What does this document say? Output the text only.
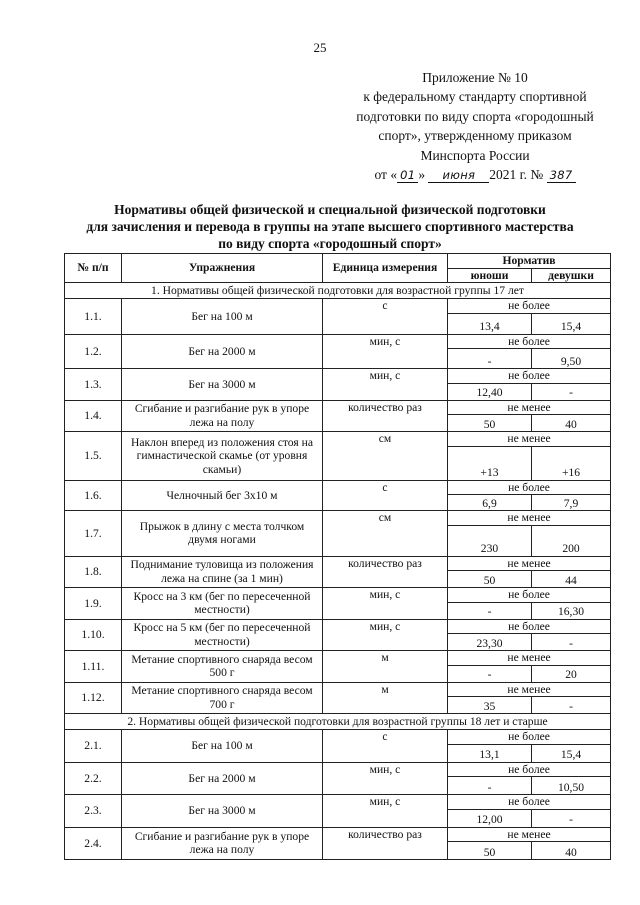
25
Приложение № 10
к федеральному стандарту спортивной
подготовки по виду спорта «городошный
спорт», утвержденному приказом
Минспорта России
от « 01 » июня 2021 г. № 387
Нормативы общей физической и специальной физической подготовки
для зачисления и перевода в группы на этапе высшего спортивного мастерства
по виду спорта «городошный спорт»
№ п/п	Упражнения	Единица измерения	Норматив	
			юноши	девушки
1. Нормативы общей физической подготовки для возрастной группы 17 лет				
1.1.	Бег на 100 м	с	не более	
			13,4	15,4
1.2.	Бег на 2000 м	мин, с	не более	
			-	9,50
1.3.	Бег на 3000 м	мин, с	не более	
			12,40	-
1.4.	Сгибание и разгибание рук в упоре лежа на полу	количество раз	не менее	
			50	40
1.5.	Наклон вперед из положения стоя на гимнастической скамье (от уровня скамьи)	см	не менее	
			+13	+16
1.6.	Челночный бег 3х10 м	с	не более	
			6,9	7,9
1.7.	Прыжок в длину с места толчком двумя ногами	см	не менее	
			230	200
1.8.	Поднимание туловища из положения лежа на спине (за 1 мин)	количество раз	не менее	
			50	44
1.9.	Кросс на 3 км (бег по пересеченной местности)	мин, с	не более	
			-	16,30
1.10.	Кросс на 5 км (бег по пересеченной местности)	мин, с	не более	
			23,30	-
1.11.	Метание спортивного снаряда весом 500 г	м	не менее	
			-	20
1.12.	Метание спортивного снаряда весом 700 г	м	не менее	
			35	-
2. Нормативы общей физической подготовки для возрастной группы 18 лет и старше				
2.1.	Бег на 100 м	с	не более	
			13,1	15,4
2.2.	Бег на 2000 м	мин, с	не более	
			-	10,50
2.3.	Бег на 3000 м	мин, с	не более	
			12,00	-
2.4.	Сгибание и разгибание рук в упоре лежа на полу	количество раз	не менее	
			50	40
